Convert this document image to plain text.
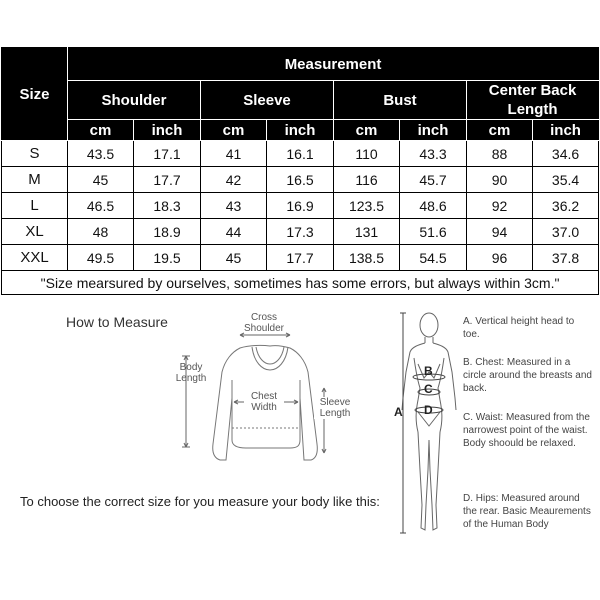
Size	Measurement							
	Shoulder		Sleeve		Bust		Center Back Length	
	cm	inch	cm	inch	cm	inch	cm	inch
S	43.5	17.1	41	16.1	110	43.3	88	34.6
M	45	17.7	42	16.5	116	45.7	90	35.4
L	46.5	18.3	43	16.9	123.5	48.6	92	36.2
XL	48	18.9	44	17.3	131	51.6	94	37.0
XXL	49.5	19.5	45	17.7	138.5	54.5	96	37.8
"Size mearsured by ourselves, sometimes has some errors, but always within 3cm."								
How to Measure	Cross Shoulder
Body Length
Chest Width	Sleeve Length	A
B
C
D
A. Vertical height head to toe.
B. Chest: Measured in a circle around the breasts and back.
C. Waist: Measured from the narrowest point of the waist. Body shoould be relaxed.
D. Hips: Measured around the rear. Basic Meaurements of the Human Body
To choose the correct size for you measure your body like this:
